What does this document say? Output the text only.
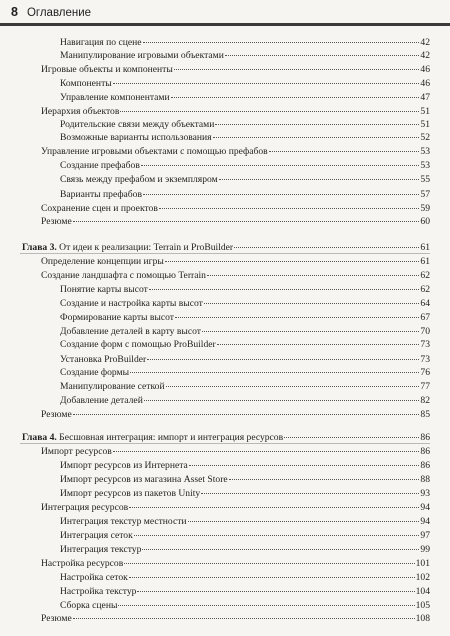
8 Оглавление
Навигация по сцене	42
Манипулирование игровыми объектами	42
Игровые объекты и компоненты	46
Компоненты	46
Управление компонентами	47
Иерархия объектов	51
Родительские связи между объектами	51
Возможные варианты использования	52
Управление игровыми объектами с помощью префабов	53
Создание префабов	53
Связь между префабом и экземпляром	55
Варианты префабов	57
Сохранение сцен и проектов	59
Резюме	60
Глава 3. От идеи к реализации: Terrain и ProBuilder	61
Определение концепции игры	61
Создание ландшафта с помощью Terrain	62
Понятие карты высот	62
Создание и настройка карты высот	64
Формирование карты высот	67
Добавление деталей в карту высот	70
Создание форм с помощью ProBuilder	73
Установка ProBuilder	73
Создание формы	76
Манипулирование сеткой	77
Добавление деталей	82
Резюме	85
Глава 4. Бесшовная интеграция: импорт и интеграция ресурсов	86
Импорт ресурсов	86
Импорт ресурсов из Интернета	86
Импорт ресурсов из магазина Asset Store	88
Импорт ресурсов из пакетов Unity	93
Интеграция ресурсов	94
Интеграция текстур местности	94
Интеграция сеток	97
Интеграция текстур	99
Настройка ресурсов	101
Настройка сеток	102
Настройка текстур	104
Сборка сцены	105
Резюме	108
